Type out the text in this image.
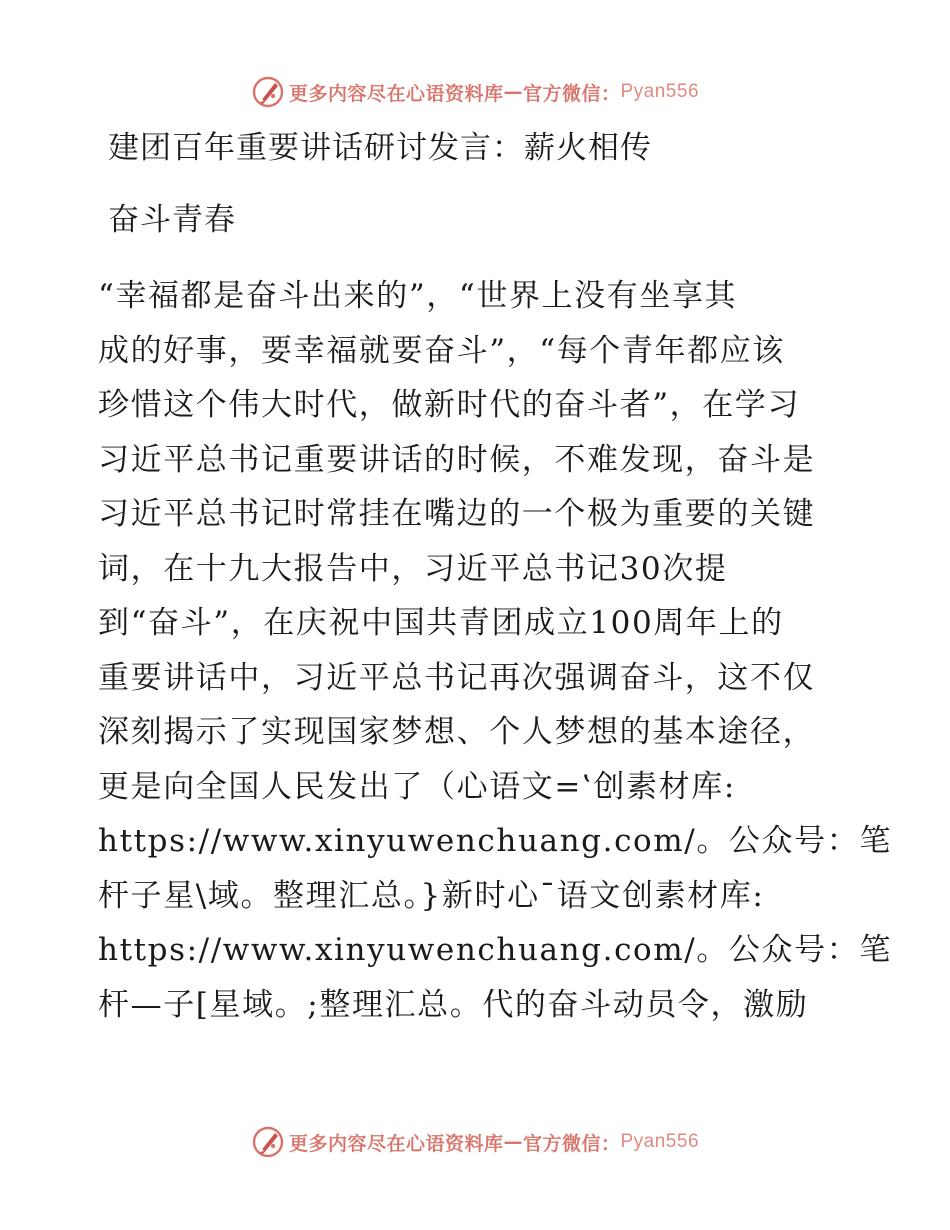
更多内容尽在心语资料库 — 官方微信： Pyan556
建团百年重要讲话研讨发言：薪火相传
奋斗青春
“幸福都是奋斗出来的”，“世界上没有坐享其
成的好事，要幸福就要奋斗”，“每个青年都应该
珍惜这个伟大时代，做新时代的奋斗者”，在学习
习近平总书记重要讲话的时候，不难发现，奋斗是
习近平总书记时常挂在嘴边的一个极为重要的关键
词，在十九大报告中，习近平总书记30次提
到“奋斗”，在庆祝中国共青团成立100周年上的
重要讲话中，习近平总书记再次强调奋斗，这不仅
深刻揭示了实现国家梦想、个人梦想的基本途径，
更是向全国人民发出了（心语文=‛创素材库:
https://www.xinyuwenchuang.com/。公众号：笔
杆子星\域。整理汇总。}新时心¯语文创素材库:
https://www.xinyuwenchuang.com/。公众号：笔
杆—子[星域。;整理汇总。代的奋斗动员令，激励
更多内容尽在心语资料库 — 官方微信： Pyan556
